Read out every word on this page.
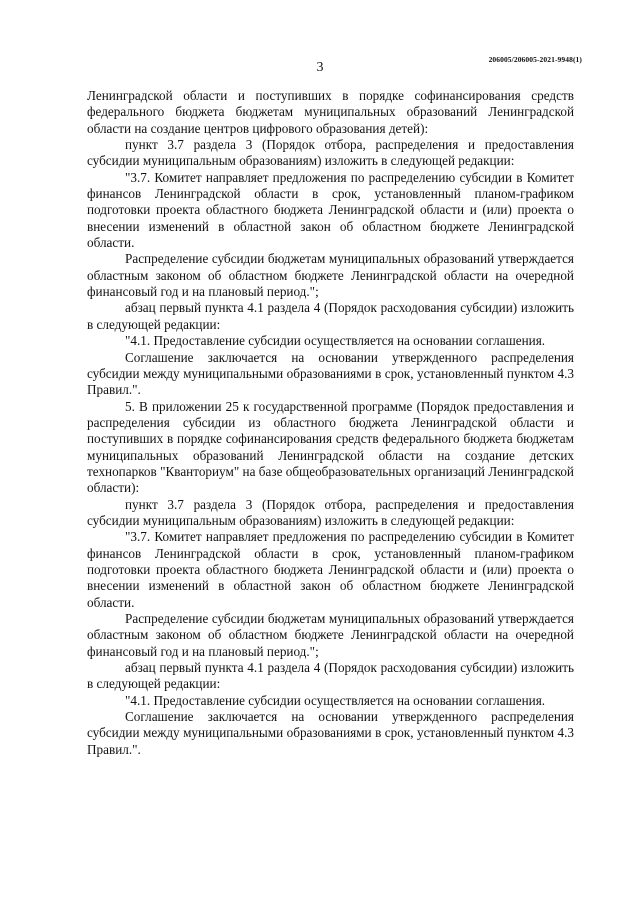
3
206005/206005-2021-9948(1)

Ленинградской области и поступивших в порядке софинансирования средств федерального бюджета бюджетам муниципальных образований Ленинградской области на создание центров цифрового образования детей):

пункт 3.7 раздела 3 (Порядок отбора, распределения и предоставления субсидии муниципальным образованиям) изложить в следующей редакции:

"3.7. Комитет направляет предложения по распределению субсидии в Комитет финансов Ленинградской области в срок, установленный планом-графиком подготовки проекта областного бюджета Ленинградской области и (или) проекта о внесении изменений в областной закон об областном бюджете Ленинградской области.

Распределение субсидии бюджетам муниципальных образований утверждается областным законом об областном бюджете Ленинградской области на очередной финансовый год и на плановый период.";

абзац первый пункта 4.1 раздела 4 (Порядок расходования субсидии) изложить в следующей редакции:

"4.1. Предоставление субсидии осуществляется на основании соглашения.

Соглашение заключается на основании утвержденного распределения субсидии между муниципальными образованиями в срок, установленный пунктом 4.3 Правил.".

5. В приложении 25 к государственной программе (Порядок предоставления и распределения субсидии из областного бюджета Ленинградской области и поступивших в порядке софинансирования средств федерального бюджета бюджетам муниципальных образований Ленинградской области на создание детских технопарков "Кванториум" на базе общеобразовательных организаций Ленинградской области):

пункт 3.7 раздела 3 (Порядок отбора, распределения и предоставления субсидии муниципальным образованиям) изложить в следующей редакции:

"3.7. Комитет направляет предложения по распределению субсидии в Комитет финансов Ленинградской области в срок, установленный планом-графиком подготовки проекта областного бюджета Ленинградской области и (или) проекта о внесении изменений в областной закон об областном бюджете Ленинградской области.

Распределение субсидии бюджетам муниципальных образований утверждается областным законом об областном бюджете Ленинградской области на очередной финансовый год и на плановый период.";

абзац первый пункта 4.1 раздела 4 (Порядок расходования субсидии) изложить в следующей редакции:

"4.1. Предоставление субсидии осуществляется на основании соглашения.

Соглашение заключается на основании утвержденного распределения субсидии между муниципальными образованиями в срок, установленный пунктом 4.3 Правил.".
